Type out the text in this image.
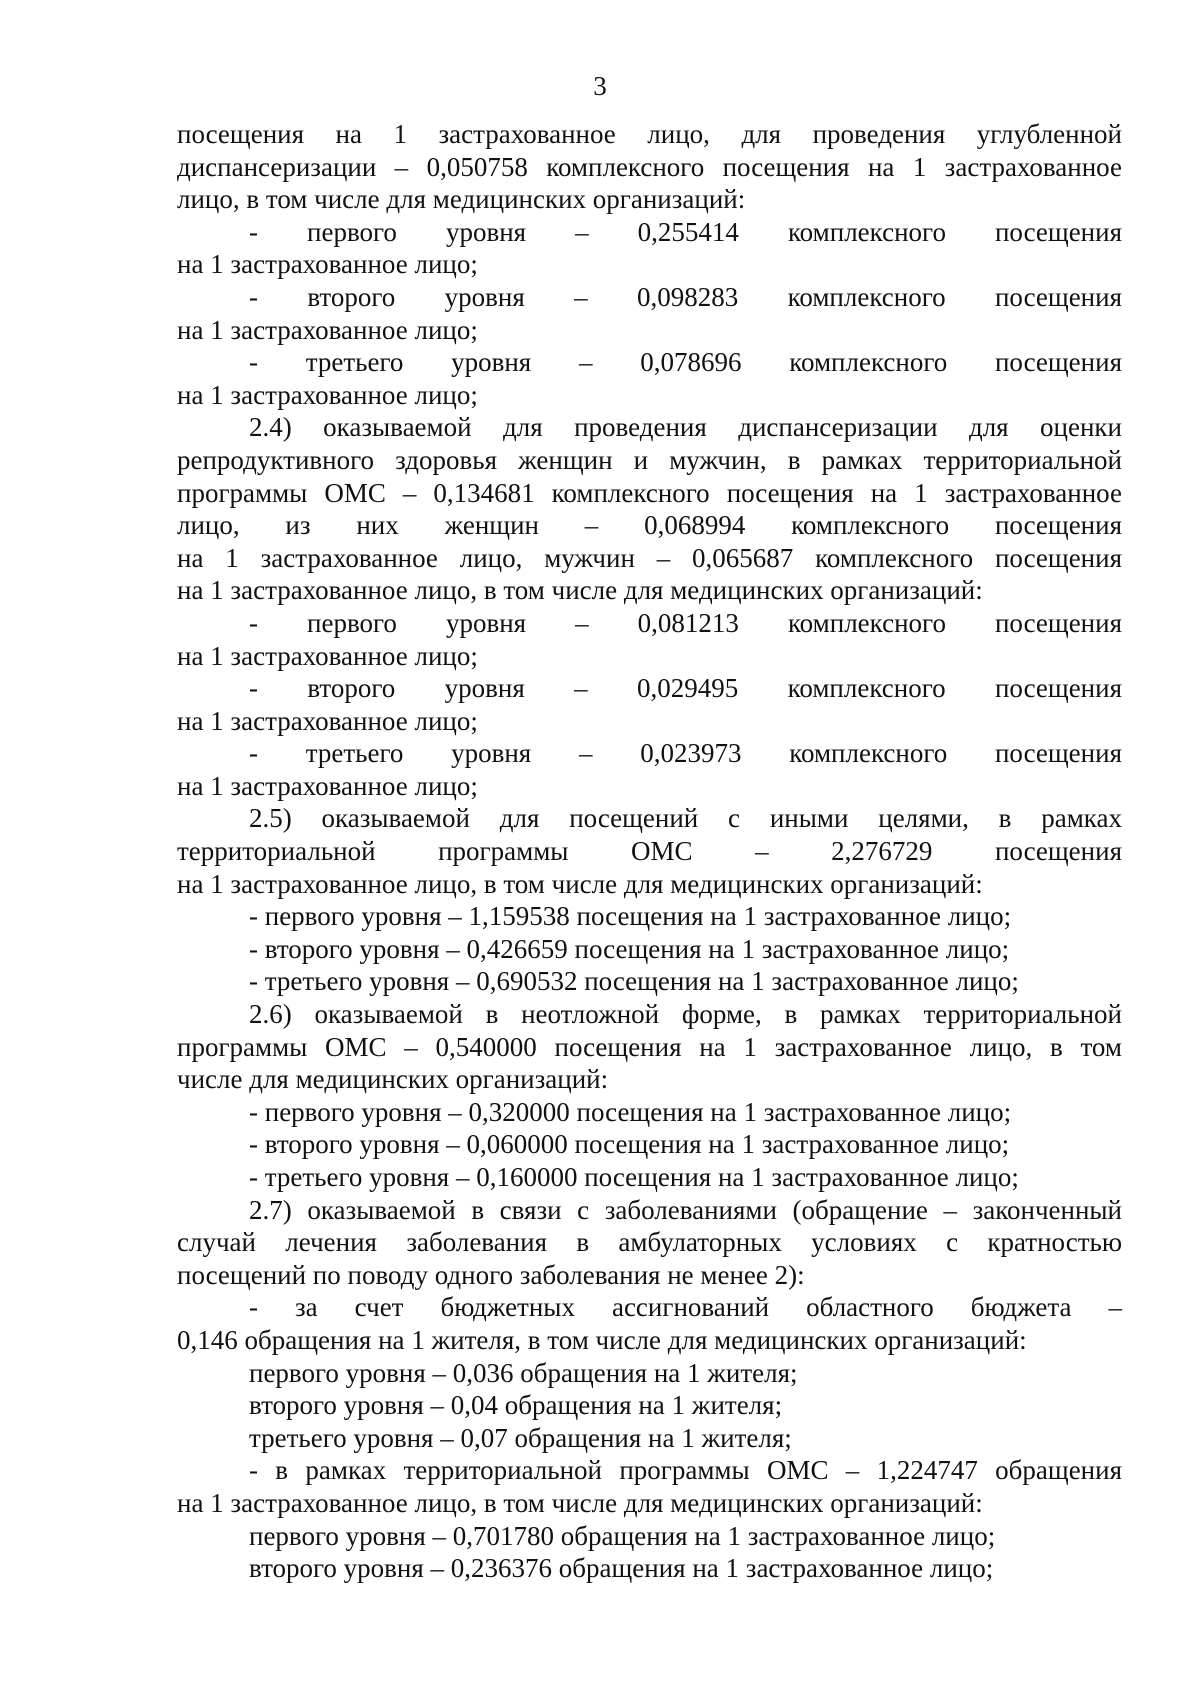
3
посещения на 1 застрахованное лицо, для проведения углубленной
диспансеризации – 0,050758 комплексного посещения на 1 застрахованное
лицо, в том числе для медицинских организаций:
- первого уровня – 0,255414 комплексного посещения
на 1 застрахованное лицо;
- второго уровня – 0,098283 комплексного посещения
на 1 застрахованное лицо;
- третьего уровня – 0,078696 комплексного посещения
на 1 застрахованное лицо;
2.4) оказываемой для проведения диспансеризации для оценки
репродуктивного здоровья женщин и мужчин, в рамках территориальной
программы ОМС – 0,134681 комплексного посещения на 1 застрахованное
лицо, из них женщин – 0,068994 комплексного посещения
на 1 застрахованное лицо, мужчин – 0,065687 комплексного посещения
на 1 застрахованное лицо, в том числе для медицинских организаций:
- первого уровня – 0,081213 комплексного посещения
на 1 застрахованное лицо;
- второго уровня – 0,029495 комплексного посещения
на 1 застрахованное лицо;
- третьего уровня – 0,023973 комплексного посещения
на 1 застрахованное лицо;
2.5) оказываемой для посещений с иными целями, в рамках
территориальной программы ОМС – 2,276729 посещения
на 1 застрахованное лицо, в том числе для медицинских организаций:
- первого уровня – 1,159538 посещения на 1 застрахованное лицо;
- второго уровня – 0,426659 посещения на 1 застрахованное лицо;
- третьего уровня – 0,690532 посещения на 1 застрахованное лицо;
2.6) оказываемой в неотложной форме, в рамках территориальной
программы ОМС – 0,540000 посещения на 1 застрахованное лицо, в том
числе для медицинских организаций:
- первого уровня – 0,320000 посещения на 1 застрахованное лицо;
- второго уровня – 0,060000 посещения на 1 застрахованное лицо;
- третьего уровня – 0,160000 посещения на 1 застрахованное лицо;
2.7) оказываемой в связи с заболеваниями (обращение – законченный
случай лечения заболевания в амбулаторных условиях с кратностью
посещений по поводу одного заболевания не менее 2):
- за счет бюджетных ассигнований областного бюджета –
0,146 обращения на 1 жителя, в том числе для медицинских организаций:
первого уровня – 0,036 обращения на 1 жителя;
второго уровня – 0,04 обращения на 1 жителя;
третьего уровня – 0,07 обращения на 1 жителя;
- в рамках территориальной программы ОМС – 1,224747 обращения
на 1 застрахованное лицо, в том числе для медицинских организаций:
первого уровня – 0,701780 обращения на 1 застрахованное лицо;
второго уровня – 0,236376 обращения на 1 застрахованное лицо;
